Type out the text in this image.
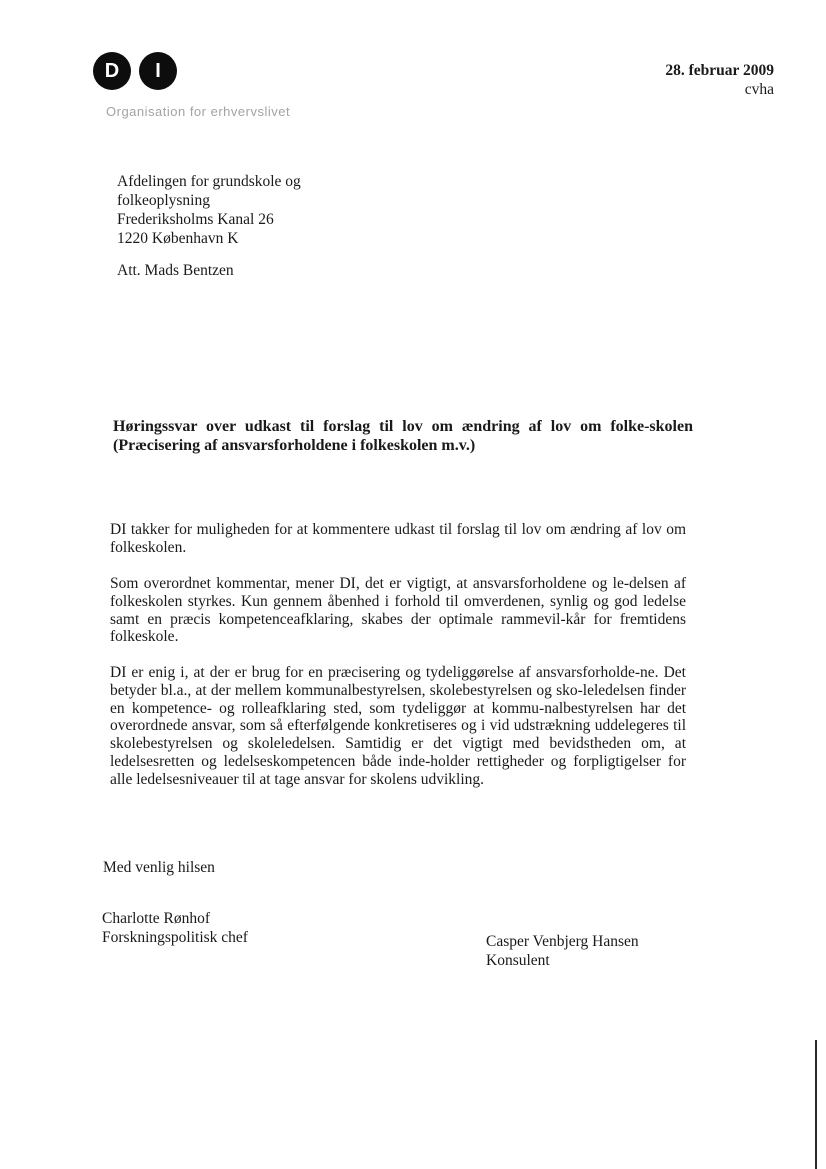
D	I
Organisation for erhvervslivet
28. februar 2009
cvha
Afdelingen for grundskole og
folkeoplysning
Frederiksholms Kanal 26
1220 København K
Att. Mads Bentzen
Høringssvar over udkast til forslag til lov om ændring af lov om folke-skolen (Præcisering af ansvarsforholdene i folkeskolen m.v.)

DI takker for muligheden for at kommentere udkast til forslag til lov om ændring af lov om folkeskolen.

Som overordnet kommentar, mener DI, det er vigtigt, at ansvarsforholdene og le-delsen af folkeskolen styrkes. Kun gennem åbenhed i forhold til omverdenen, synlig og god ledelse samt en præcis kompetenceafklaring, skabes der optimale rammevil-kår for fremtidens folkeskole.

DI er enig i, at der er brug for en præcisering og tydeliggørelse af ansvarsforholde-ne. Det betyder bl.a., at der mellem kommunalbestyrelsen, skolebestyrelsen og sko-leledelsen finder en kompetence- og rolleafklaring sted, som tydeliggør at kommu-nalbestyrelsen har det overordnede ansvar, som så efterfølgende konkretiseres og i vid udstrækning uddelegeres til skolebestyrelsen og skoleledelsen. Samtidig er det vigtigt med bevidstheden om, at ledelsesretten og ledelseskompetencen både inde-holder rettigheder og forpligtigelser for alle ledelsesniveauer til at tage ansvar for skolens udvikling.

Med venlig hilsen
Charlotte Rønhof
Forskningspolitisk chef	Casper Venbjerg Hansen
Konsulent
